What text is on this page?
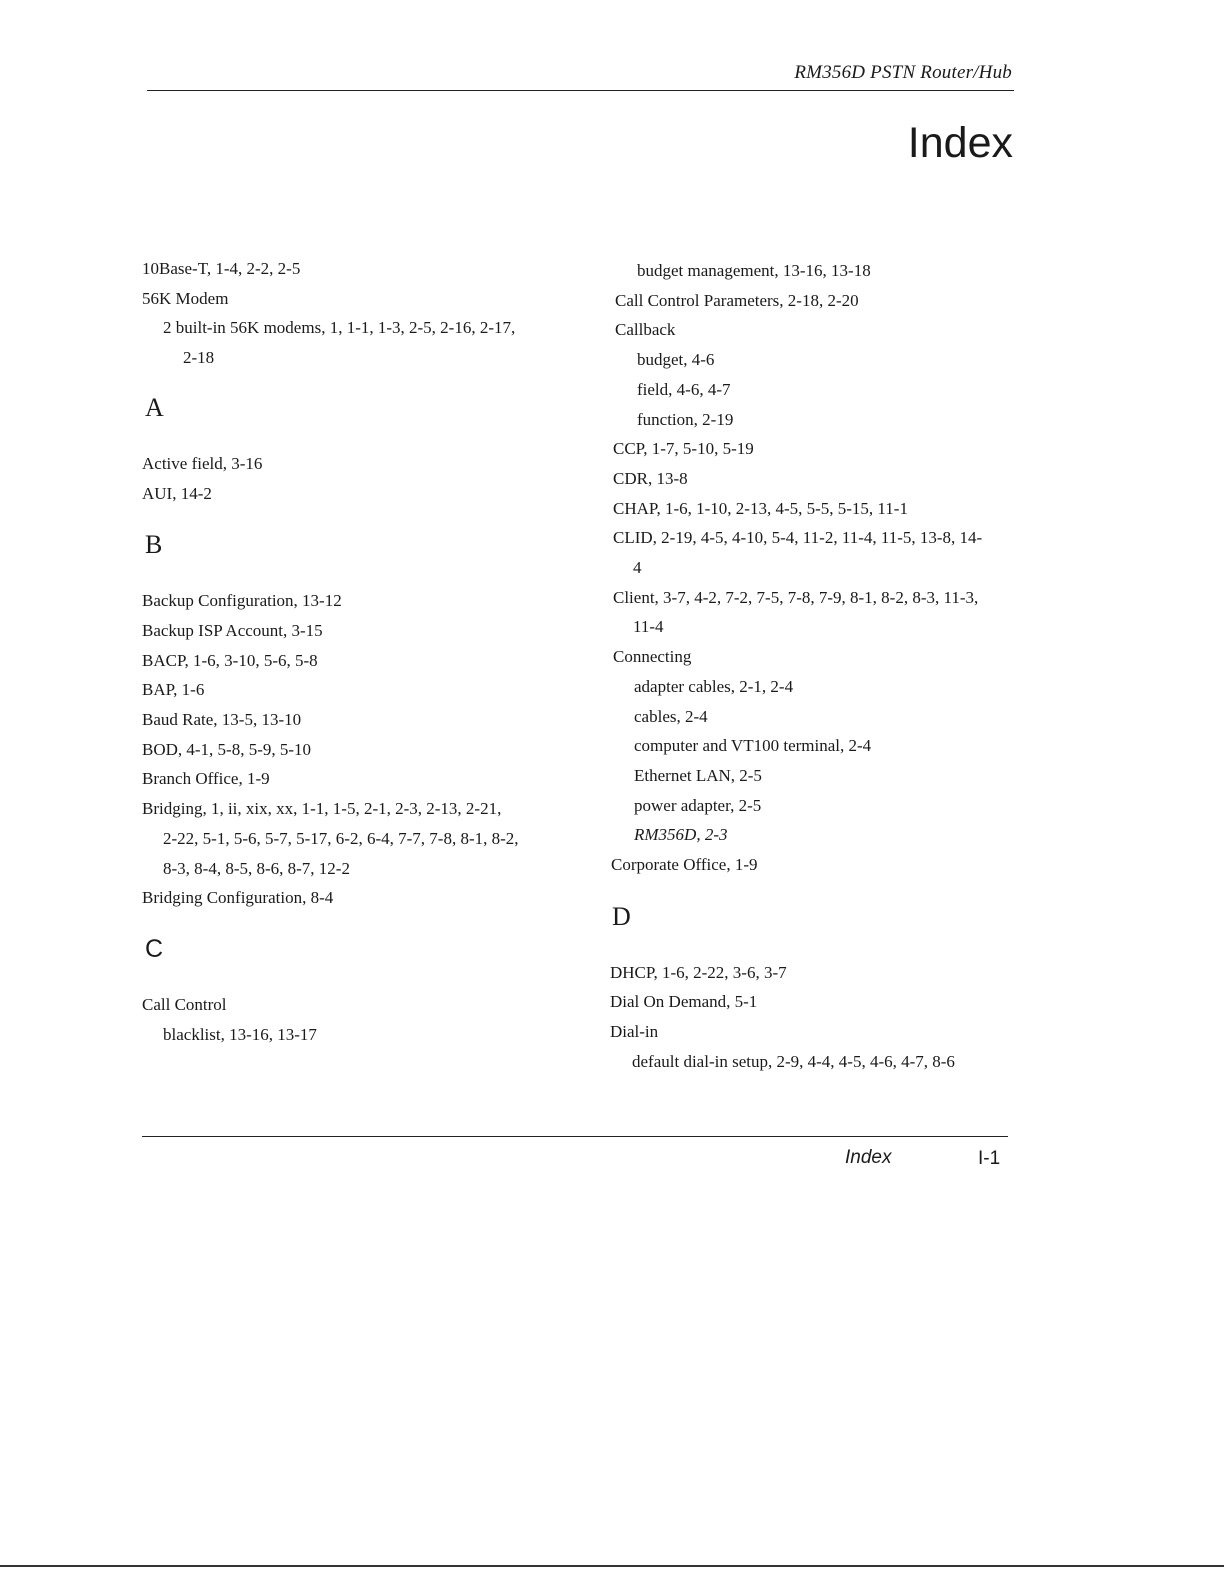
RM356D PSTN Router/Hub
Index
10Base-T, 1-4, 2-2, 2-5
56K Modem
2 built-in 56K modems, 1, 1-1, 1-3, 2-5, 2-16, 2-17,
2-18
A
Active field, 3-16
AUI, 14-2
B
Backup Configuration, 13-12
Backup ISP Account, 3-15
BACP, 1-6, 3-10, 5-6, 5-8
BAP, 1-6
Baud Rate, 13-5, 13-10
BOD, 4-1, 5-8, 5-9, 5-10
Branch Office, 1-9
Bridging, 1, ii, xix, xx, 1-1, 1-5, 2-1, 2-3, 2-13, 2-21,
2-22, 5-1, 5-6, 5-7, 5-17, 6-2, 6-4, 7-7, 7-8, 8-1, 8-2,
8-3, 8-4, 8-5, 8-6, 8-7, 12-2
Bridging Configuration, 8-4
C
Call Control
blacklist, 13-16, 13-17
budget management, 13-16, 13-18
Call Control Parameters, 2-18, 2-20
Callback
budget, 4-6
field, 4-6, 4-7
function, 2-19
CCP, 1-7, 5-10, 5-19
CDR, 13-8
CHAP, 1-6, 1-10, 2-13, 4-5, 5-5, 5-15, 11-1
CLID, 2-19, 4-5, 4-10, 5-4, 11-2, 11-4, 11-5, 13-8, 14-
4
Client, 3-7, 4-2, 7-2, 7-5, 7-8, 7-9, 8-1, 8-2, 8-3, 11-3,
11-4
Connecting
adapter cables, 2-1, 2-4
cables, 2-4
computer and VT100 terminal, 2-4
Ethernet LAN, 2-5
power adapter, 2-5
RM356D, 2-3
Corporate Office, 1-9
D
DHCP, 1-6, 2-22, 3-6, 3-7
Dial On Demand, 5-1
Dial-in
default dial-in setup, 2-9, 4-4, 4-5, 4-6, 4-7, 8-6
Index	I-1
